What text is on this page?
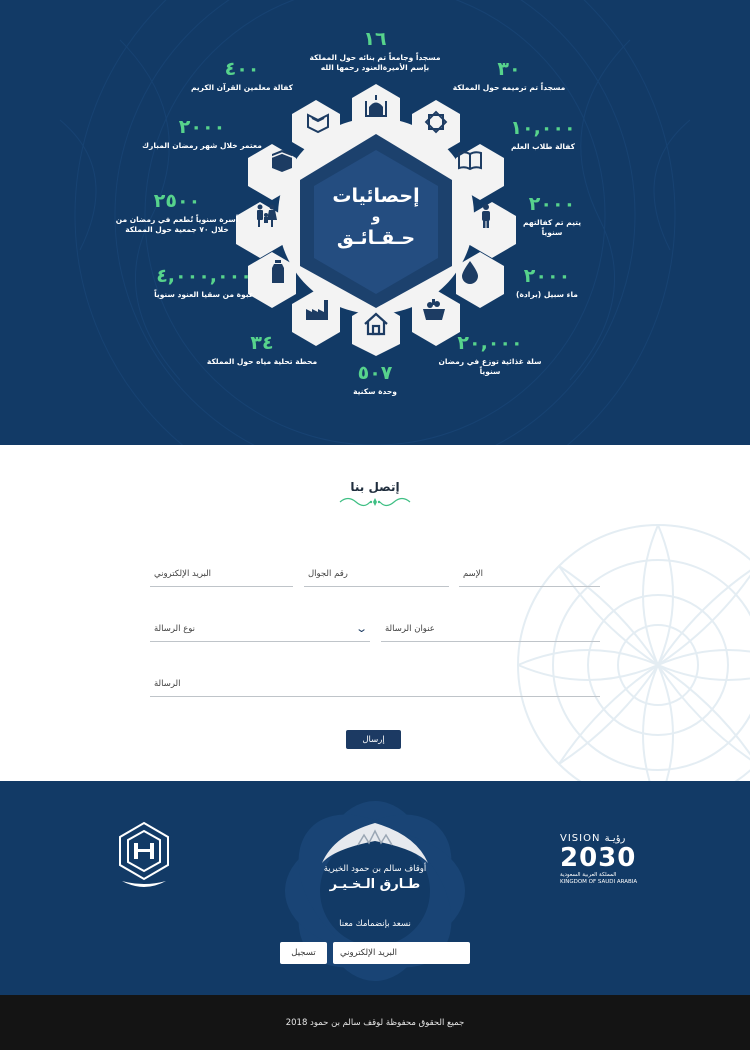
إحصائيات
و
حـقـائـق
١٦
مسجداً وجامعاً تم بنائه حول المملكة
بإسم الأميرةالعنود رحمها الله	٣٠
مسجداً تم ترميمه حول المملكة
١٠,٠٠٠
كفالة طلاب العلم
٢٠٠٠
يتيم تم كفالتهم سنوياً
٢٠٠٠
ماء سبيل (برادة)
٢٠,٠٠٠
سلة غذائية توزع في رمضان سنوياً
٥٠٧
وحدة سكنية
٣٤
محطة تحلية مياه حول المملكة
٤,٠٠٠,٠٠٠
عبوة من سقيا العنود سنوياً
٢٥٠٠
أسرة سنوياً تُطعم في رمضان من
خلال ٧٠ جمعية حول المملكة
٢٠٠٠
معتمر خلال شهر رمضان المبارك
٤٠٠
كفالة معلمين القرآن الكريم
إتصل بنا
الإسم
رقم الجوال
البريد الإلكتروني
عنوان الرسالة
نوع الرسالة	⌄
الرسالة
إرسال
أوقاف سالم بن حمود الخيرية
طـارق الـخـيـر
VISION رؤيـة
2030
المملكة العربية السعودية
KINGDOM OF SAUDI ARABIA
نسعد بإنضمامك معنا
البريد الإلكتروني
تسجيل
جميع الحقوق محفوظة لوقف سالم بن حمود 2018
